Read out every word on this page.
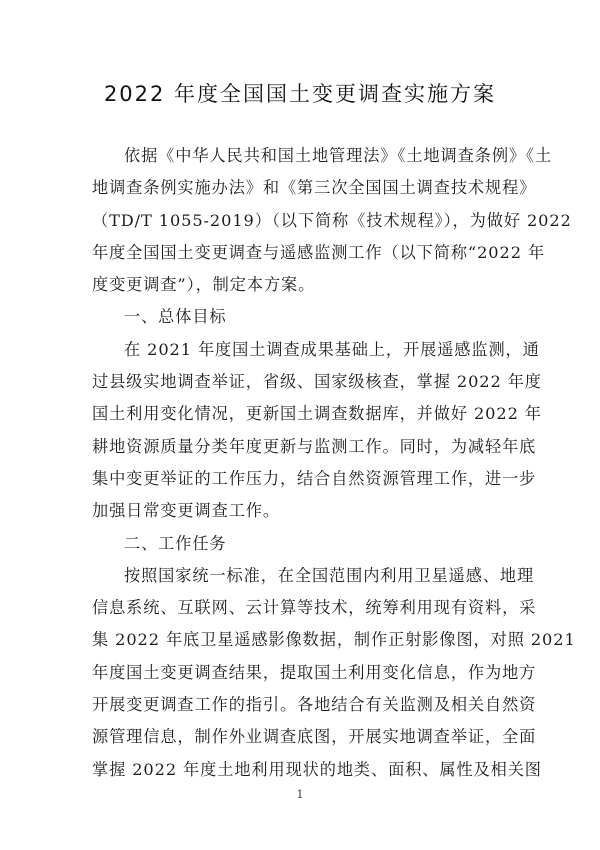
2022 年度全国国土变更调查实施方案
依据《中华人民共和国土地管理法》《土地调查条例》《土
地调查条例实施办法》和《第三次全国国土调查技术规程》
（TD/T 1055-2019）（以下简称《技术规程》），为做好 2022
年度全国国土变更调查与遥感监测工作（以下简称“2022 年
度变更调查”），制定本方案。
一、总体目标
在 2021 年度国土调查成果基础上，开展遥感监测，通
过县级实地调查举证，省级、国家级核查，掌握 2022 年度
国土利用变化情况，更新国土调查数据库，并做好 2022 年
耕地资源质量分类年度更新与监测工作。同时，为减轻年底
集中变更举证的工作压力，结合自然资源管理工作，进一步
加强日常变更调查工作。
二、工作任务
按照国家统一标准，在全国范围内利用卫星遥感、地理
信息系统、互联网、云计算等技术，统筹利用现有资料，采
集 2022 年底卫星遥感影像数据，制作正射影像图，对照 2021
年度国土变更调查结果，提取国土利用变化信息，作为地方
开展变更调查工作的指引。各地结合有关监测及相关自然资
源管理信息，制作外业调查底图，开展实地调查举证，全面
掌握 2022 年度土地利用现状的地类、面积、属性及相关图
1
